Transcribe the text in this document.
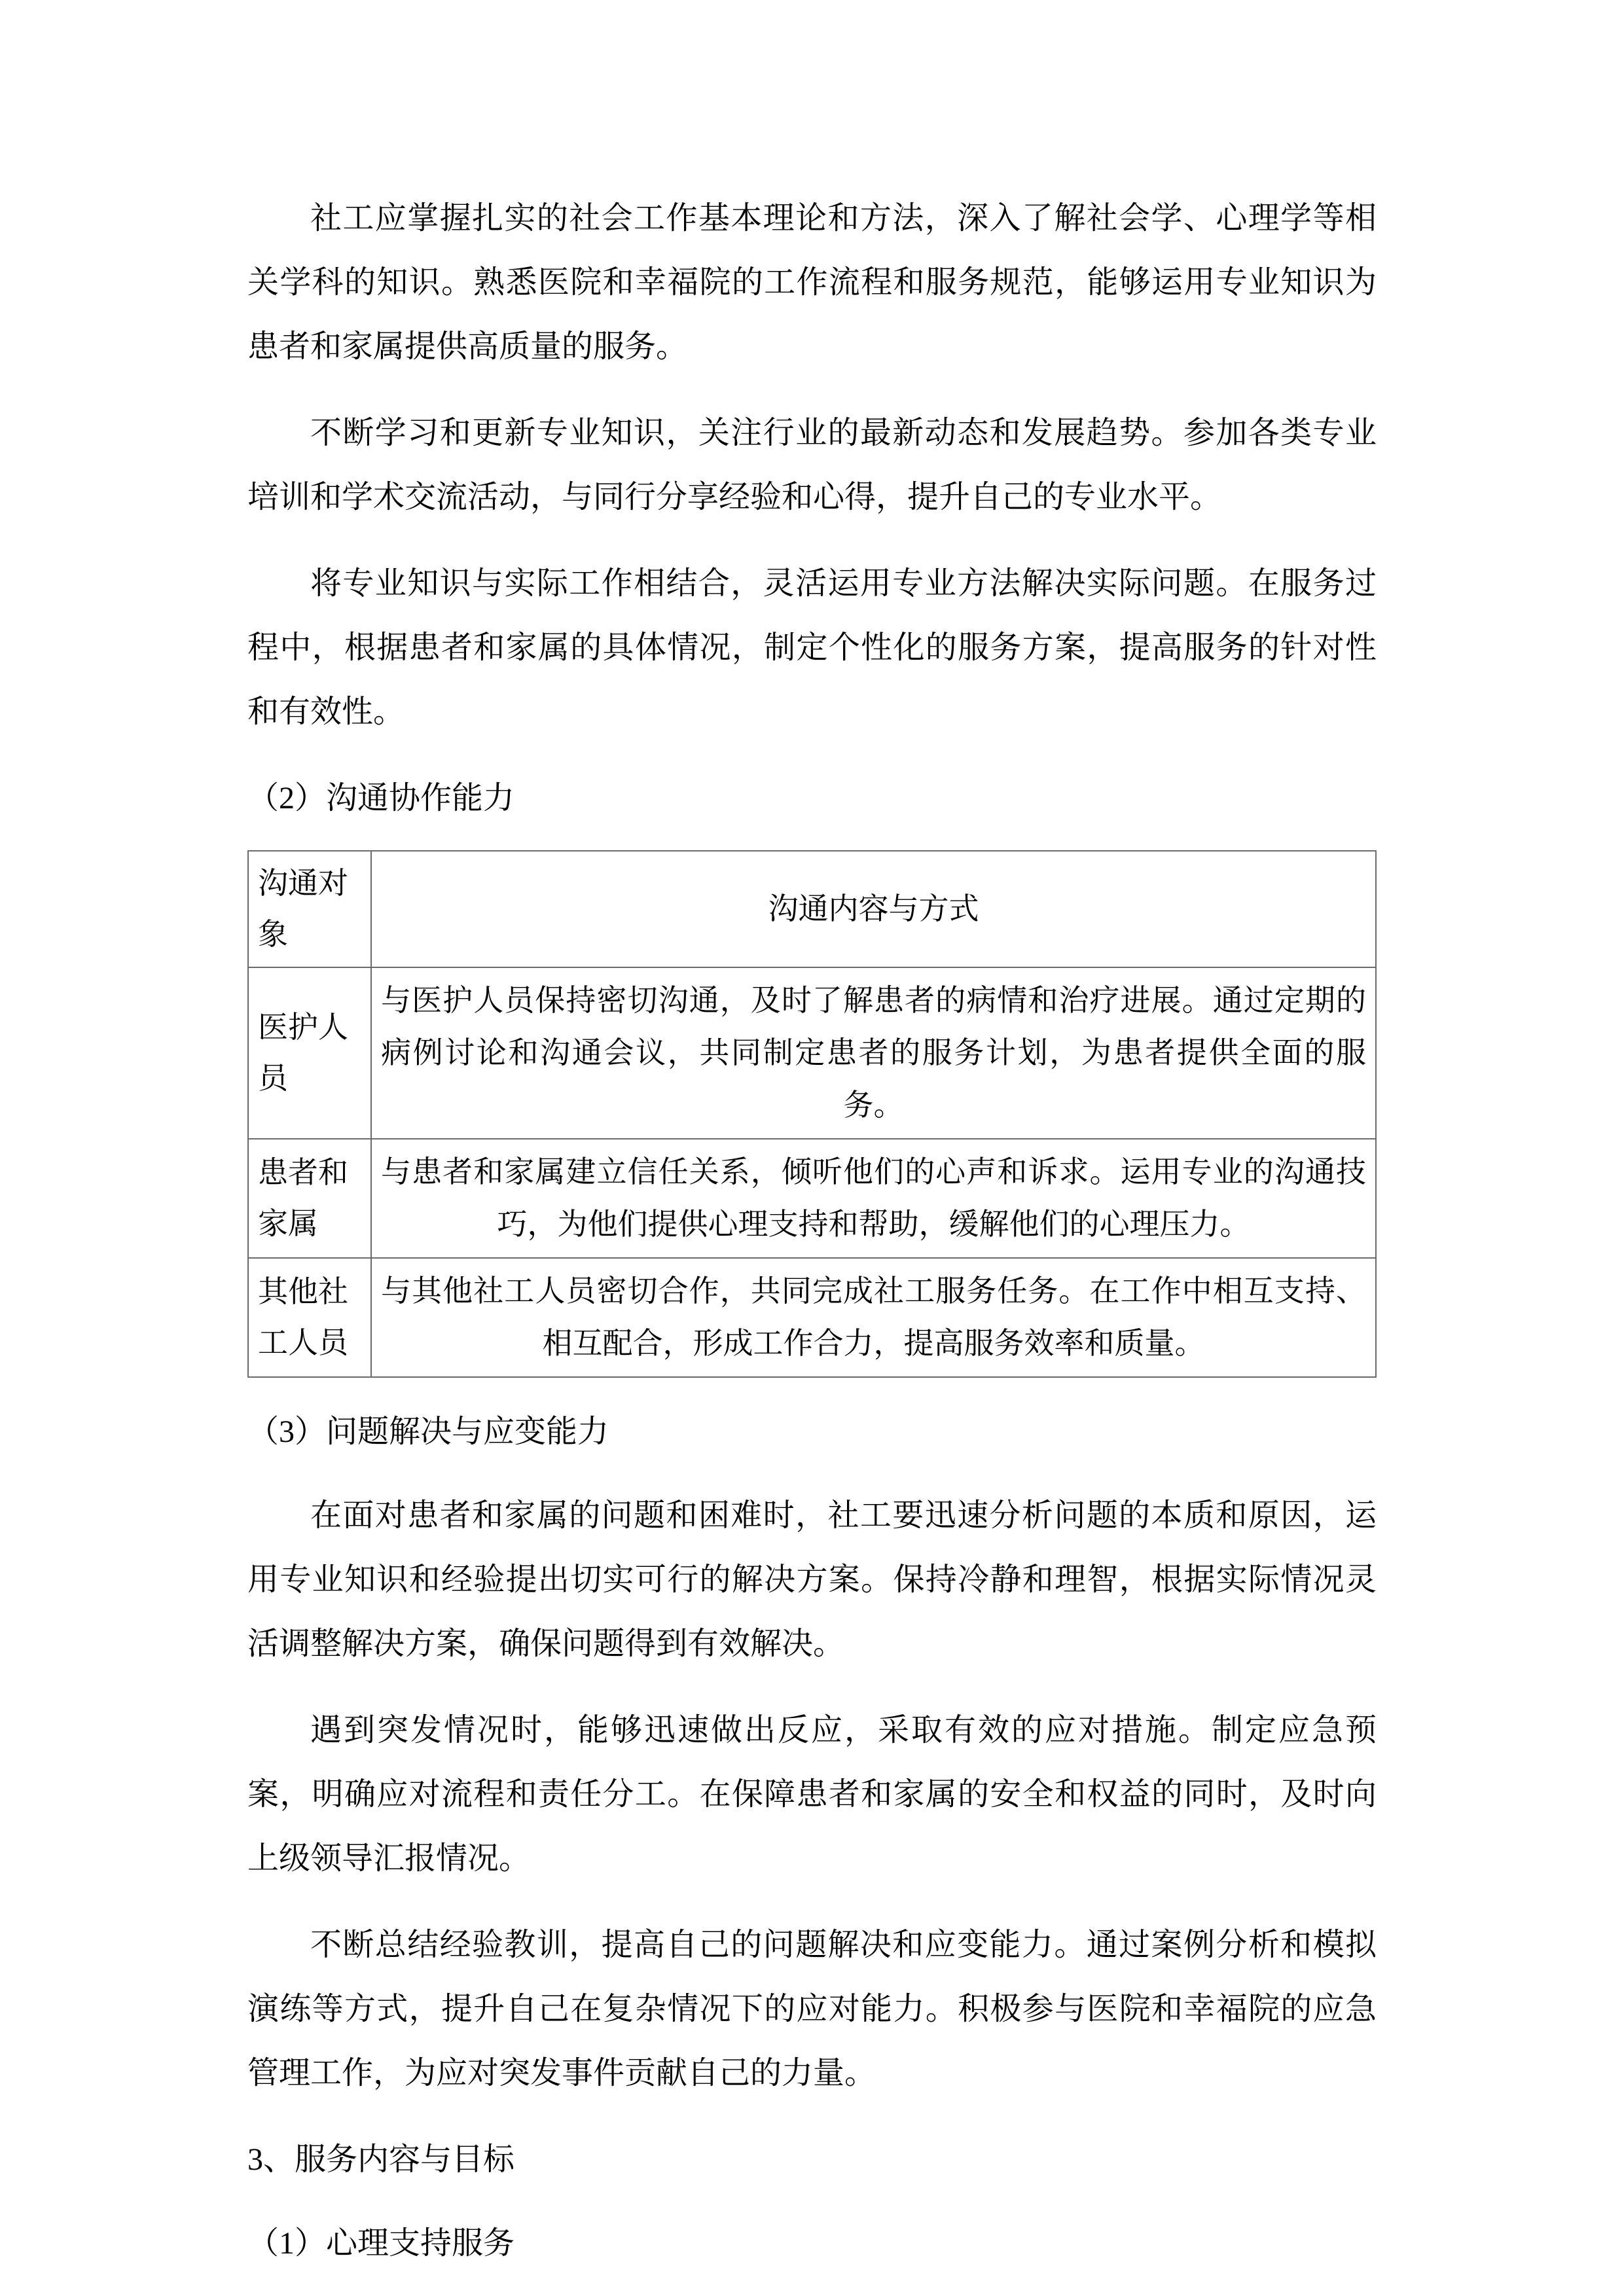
社工应掌握扎实的社会工作基本理论和方法，深入了解社会学、心理学等相关学科的知识。熟悉医院和幸福院的工作流程和服务规范，能够运用专业知识为患者和家属提供高质量的服务。

不断学习和更新专业知识，关注行业的最新动态和发展趋势。参加各类专业培训和学术交流活动，与同行分享经验和心得，提升自己的专业水平。

将专业知识与实际工作相结合，灵活运用专业方法解决实际问题。在服务过程中，根据患者和家属的具体情况，制定个性化的服务方案，提高服务的针对性和有效性。

（2）沟通协作能力

沟通对象	沟通内容与方式
医护人员	与医护人员保持密切沟通，及时了解患者的病情和治疗进展。通过定期的病例讨论和沟通会议，共同制定患者的服务计划，为患者提供全面的服务。
患者和家属	与患者和家属建立信任关系，倾听他们的心声和诉求。运用专业的沟通技巧，为他们提供心理支持和帮助，缓解他们的心理压力。
其他社工人员	与其他社工人员密切合作，共同完成社工服务任务。在工作中相互支持、相互配合，形成工作合力，提高服务效率和质量。

（3）问题解决与应变能力

在面对患者和家属的问题和困难时，社工要迅速分析问题的本质和原因，运用专业知识和经验提出切实可行的解决方案。保持冷静和理智，根据实际情况灵活调整解决方案，确保问题得到有效解决。

遇到突发情况时，能够迅速做出反应，采取有效的应对措施。制定应急预案，明确应对流程和责任分工。在保障患者和家属的安全和权益的同时，及时向上级领导汇报情况。

不断总结经验教训，提高自己的问题解决和应变能力。通过案例分析和模拟演练等方式，提升自己在复杂情况下的应对能力。积极参与医院和幸福院的应急管理工作，为应对突发事件贡献自己的力量。

3、服务内容与目标

（1）心理支持服务
